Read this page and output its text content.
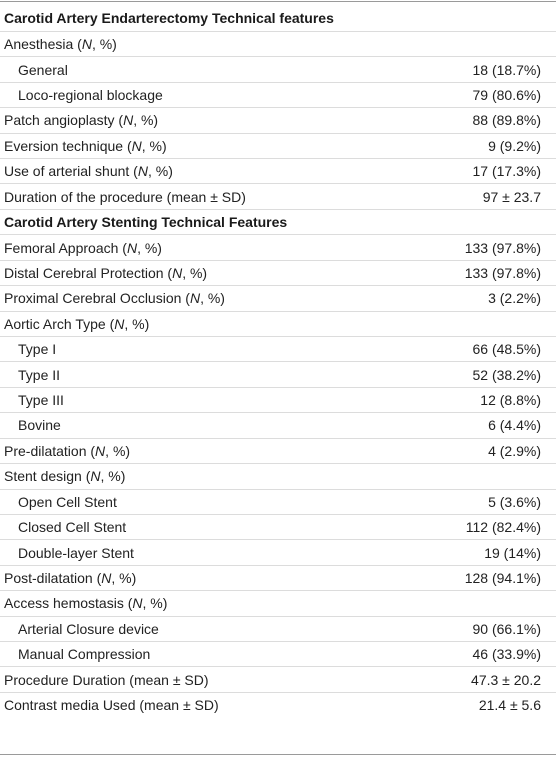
Carotid Artery Endarterectomy Technical features	
Anesthesia (N, %)	
General	18 (18.7%)
Loco-regional blockage	79 (80.6%)
Patch angioplasty (N, %)	88 (89.8%)
Eversion technique (N, %)	9 (9.2%)
Use of arterial shunt (N, %)	17 (17.3%)
Duration of the procedure (mean ± SD)	97 ± 23.7
Carotid Artery Stenting Technical Features	
Femoral Approach (N, %)	133 (97.8%)
Distal Cerebral Protection (N, %)	133 (97.8%)
Proximal Cerebral Occlusion (N, %)	3 (2.2%)
Aortic Arch Type (N, %)	
Type I	66 (48.5%)
Type II	52 (38.2%)
Type III	12 (8.8%)
Bovine	6 (4.4%)
Pre-dilatation (N, %)	4 (2.9%)
Stent design (N, %)	
Open Cell Stent	5 (3.6%)
Closed Cell Stent	112 (82.4%)
Double-layer Stent	19 (14%)
Post-dilatation (N, %)	128 (94.1%)
Access hemostasis (N, %)	
Arterial Closure device	90 (66.1%)
Manual Compression	46 (33.9%)
Procedure Duration (mean ± SD)	47.3 ± 20.2
Contrast media Used (mean ± SD)	21.4 ± 5.6
